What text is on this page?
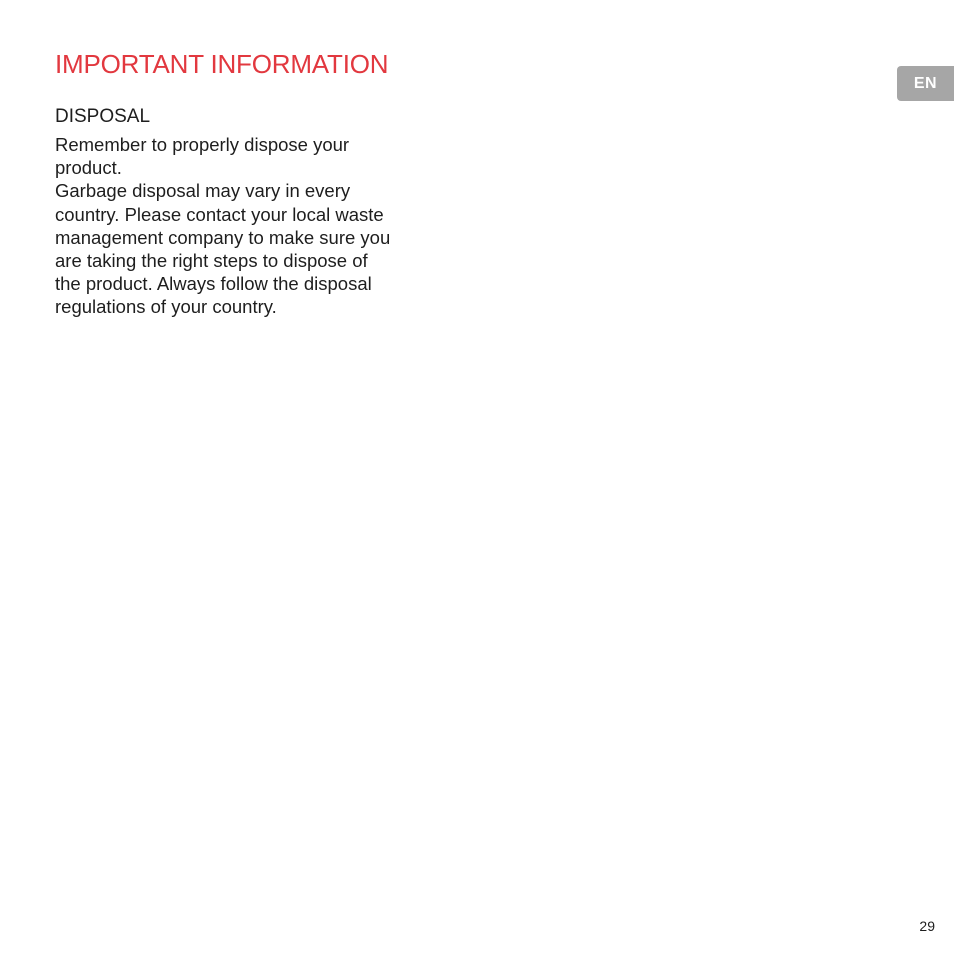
IMPORTANT INFORMATION
EN
DISPOSAL

Remember to properly dispose your
product.
Garbage disposal may vary in every
country. Please contact your local waste
management company to make sure you
are taking the right steps to dispose of
the product. Always follow the disposal
regulations of your country.

29
